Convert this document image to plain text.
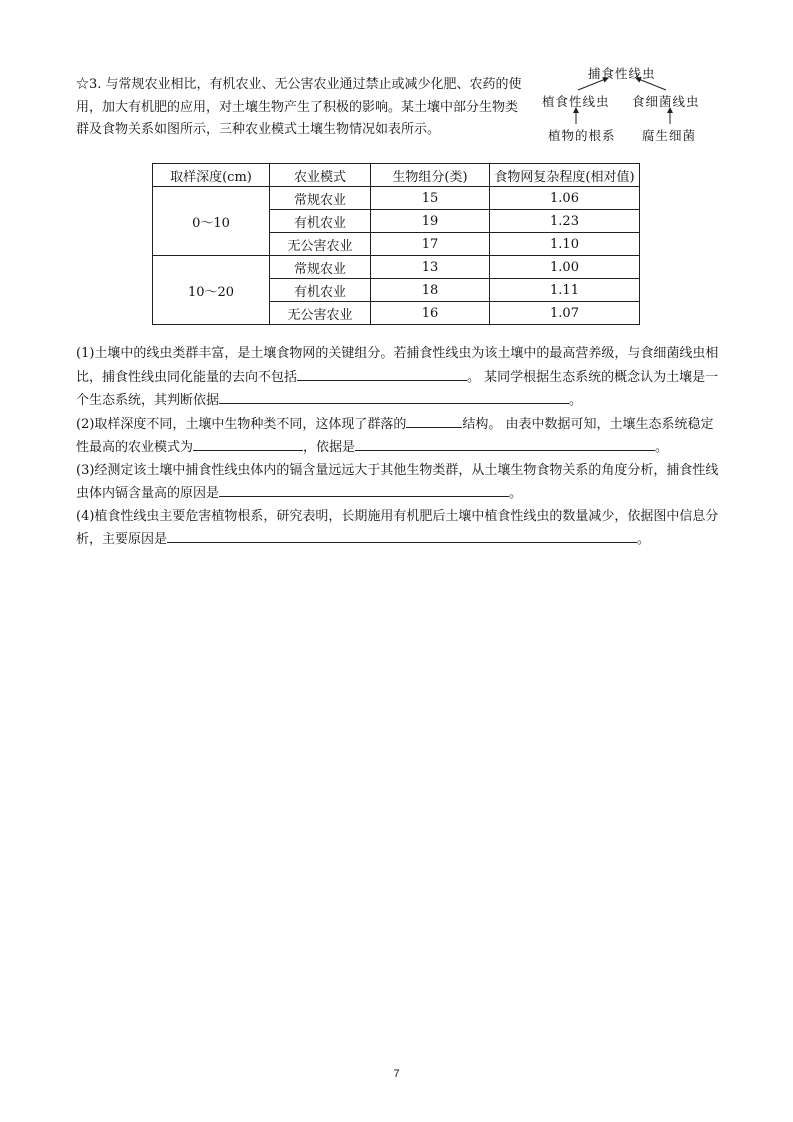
☆3. 与常规农业相比，有机农业、无公害农业通过禁止或减少化肥、农药的使用，加大有机肥的应用，对土壤生物产生了积极的影响。某土壤中部分生物类群及食物关系如图所示，三种农业模式土壤生物情况如表所示。

捕食性线虫
植食性线虫 食细菌线虫
植物的根系 腐生细菌
取样深度(cm)	农业模式	生物组分(类)	食物网复杂程度(相对值)
0～10	常规农业	15	1.06
	有机农业	19	1.23
	无公害农业	17	1.10
10～20	常规农业	13	1.00
	有机农业	18	1.11
	无公害农业	16	1.07

(1)土壤中的线虫类群丰富，是土壤食物网的关键组分。若捕食性线虫为该土壤中的最高营养级，与食细菌线虫相比，捕食性线虫同化能量的去向不包括	。 某同学根据生态系统的概念认为土壤是一个生态系统，其判断依据	。

(2)取样深度不同，土壤中生物种类不同，这体现了群落的	结构。 由表中数据可知，土壤生态系统稳定性最高的农业模式为	，依据是	。

(3)经测定该土壤中捕食性线虫体内的镉含量远远大于其他生物类群，从土壤生物食物关系的角度分析，捕食性线虫体内镉含量高的原因是	。

(4)植食性线虫主要危害植物根系，研究表明，长期施用有机肥后土壤中植食性线虫的数量减少，依据图中信息分析，主要原因是	。

7
